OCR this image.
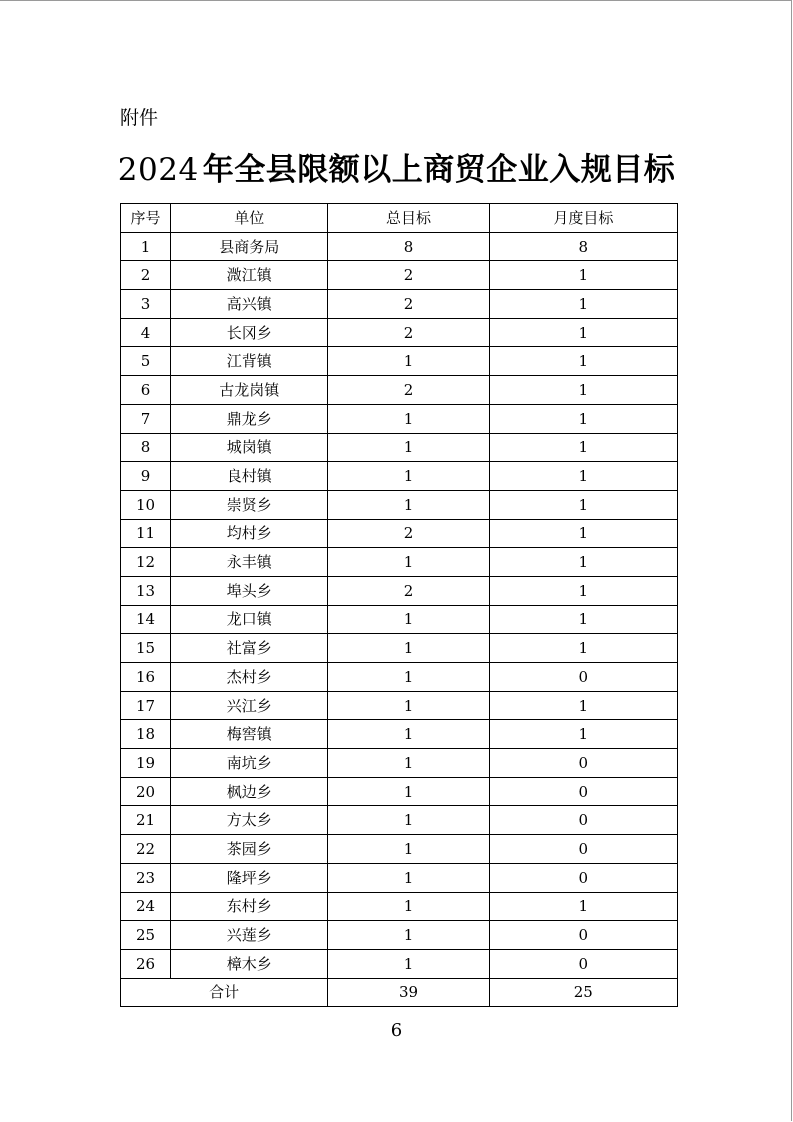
附件
2024 年全县限额以上商贸企业入规目标
序号	单位	总目标	月度目标
1	县商务局	8	8
2	溦江镇	2	1
3	高兴镇	2	1
4	长冈乡	2	1
5	江背镇	1	1
6	古龙岗镇	2	1
7	鼎龙乡	1	1
8	城岗镇	1	1
9	良村镇	1	1
10	崇贤乡	1	1
11	均村乡	2	1
12	永丰镇	1	1
13	埠头乡	2	1
14	龙口镇	1	1
15	社富乡	1	1
16	杰村乡	1	0
17	兴江乡	1	1
18	梅窖镇	1	1
19	南坑乡	1	0
20	枫边乡	1	0
21	方太乡	1	0
22	茶园乡	1	0
23	隆坪乡	1	0
24	东村乡	1	1
25	兴莲乡	1	0
26	樟木乡	1	0
合计		39	25
6
